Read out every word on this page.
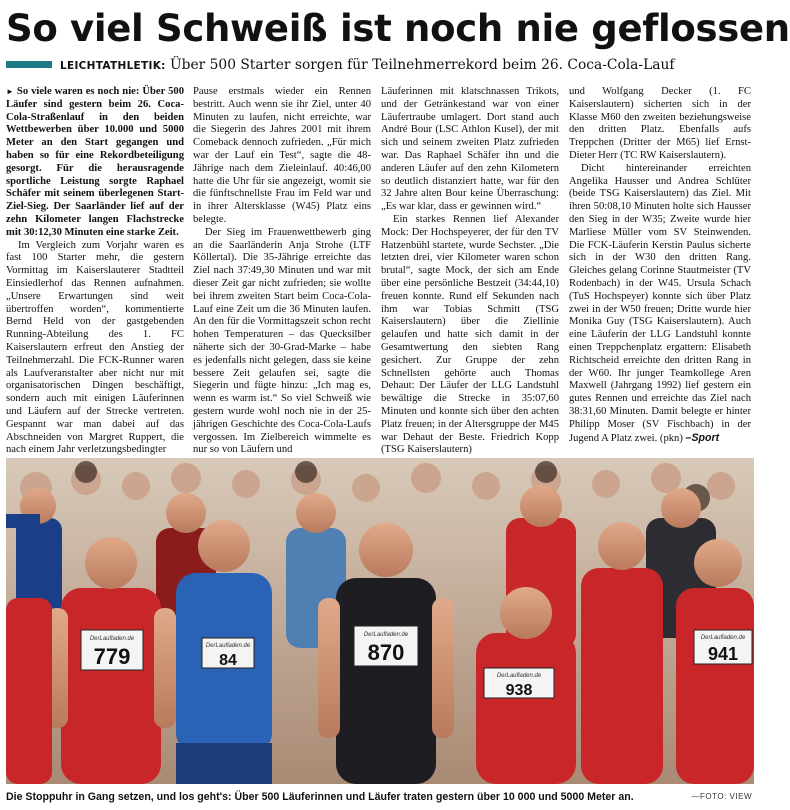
So viel Schweiß ist noch nie geflossen
LEICHTATHLETIK: Über 500 Starter sorgen für Teilnehmerrekord beim 26. Coca-Cola-Lauf

► So viele waren es noch nie: Über 500 Läufer sind gestern beim 26. Coca-Cola-Straßenlauf in den beiden Wettbewerben über 10.000 und 5000 Meter an den Start gegangen und haben so für eine Rekordbeteiligung gesorgt. Für die herausragende sportliche Leistung sorgte Raphael Schäfer mit seinem überlegenen Start-Ziel-Sieg. Der Saarländer lief auf der zehn Kilometer langen Flachstrecke mit 30:12,30 Minuten eine starke Zeit.

Im Vergleich zum Vorjahr waren es fast 100 Starter mehr, die gestern Vormittag im Kaiserslauterer Stadtteil Einsiedlerhof das Rennen aufnahmen. „Unsere Erwartungen sind weit übertroffen worden“, kommentierte Bernd Held von der gastgebenden Running-Abteilung des 1. FC Kaiserslautern erfreut den Anstieg der Teilnehmerzahl. Die FCK-Runner waren als Laufveranstalter aber nicht nur mit organisatorischen Dingen beschäftigt, sondern auch mit einigen Läuferinnen und Läufern auf der Strecke vertreten. Gespannt war man dabei auf das Abschneiden von Margret Ruppert, die nach einem Jahr verletzungsbedingter

Pause erstmals wieder ein Rennen bestritt. Auch wenn sie ihr Ziel, unter 40 Minuten zu laufen, nicht erreichte, war die Siegerin des Jahres 2001 mit ihrem Comeback dennoch zufrieden. „Für mich war der Lauf ein Test“, sagte die 48-Jährige nach dem Zieleinlauf. 40:46,00 hatte die Uhr für sie angezeigt, womit sie die fünftschnellste Frau im Feld war und in ihrer Altersklasse (W45) Platz eins belegte.

Der Sieg im Frauenwettbewerb ging an die Saarländerin Anja Strohe (LTF Köllertal). Die 35-Jährige erreichte das Ziel nach 37:49,30 Minuten und war mit dieser Zeit gar nicht zufrieden; sie wollte bei ihrem zweiten Start beim Coca-Cola-Lauf eine Zeit um die 36 Minuten laufen. An den für die Vormittagszeit schon recht hohen Temperaturen – das Quecksilber näherte sich der 30-Grad-Marke – habe es jedenfalls nicht gelegen, dass sie keine bessere Zeit gelaufen sei, sagte die Siegerin und fügte hinzu: „Ich mag es, wenn es warm ist.“ So viel Schweiß wie gestern wurde wohl noch nie in der 25-jährigen Geschichte des Coca-Cola-Laufs vergossen. Im Zielbereich wimmelte es nur so von Läufern und

Läuferinnen mit klatschnassen Trikots, und der Getränkestand war von einer Läufertraube umlagert. Dort stand auch André Bour (LSC Athlon Kusel), der mit sich und seinem zweiten Platz zufrieden war. Das Raphael Schäfer ihn und die anderen Läufer auf den zehn Kilometern so deutlich distanziert hatte, war für den 32 Jahre alten Bour keine Überraschung: „Es war klar, dass er gewinnen wird.“

Ein starkes Rennen lief Alexander Mock: Der Hochspeyerer, der für den TV Hatzenbühl startete, wurde Sechster. „Die letzten drei, vier Kilometer waren schon brutal“, sagte Mock, der sich am Ende über eine persönliche Bestzeit (34:44,10) freuen konnte. Rund elf Sekunden nach ihm war Tobias Schmitt (TSG Kaiserslautern) über die Ziellinie gelaufen und hatte sich damit in der Gesamtwertung den siebten Rang gesichert. Zur Gruppe der zehn Schnellsten gehörte auch Thomas Dehaut: Der Läufer der LLG Landstuhl bewältige die Strecke in 35:07,60 Minuten und konnte sich über den achten Platz freuen; in der Altersgruppe der M45 war Dehaut der Beste. Friedrich Kopp (TSG Kaiserslautern)

und Wolfgang Decker (1. FC Kaiserslautern) sicherten sich in der Klasse M60 den zweiten beziehungsweise den dritten Platz. Ebenfalls aufs Treppchen (Dritter der M65) lief Ernst-Dieter Herr (TC RW Kaiserslautern).

Dicht hintereinander erreichten Angelika Hausser und Andrea Schlüter (beide TSG Kaiserslautern) das Ziel. Mit ihren 50:08,10 Minuten holte sich Hausser den Sieg in der W35; Zweite wurde hier Marliese Müller vom SV Steinwenden. Die FCK-Läuferin Kerstin Paulus sicherte sich in der W30 den dritten Rang. Gleiches gelang Corinne Stautmeister (TV Rodenbach) in der W45. Ursula Schach (TuS Hochspeyer) konnte sich über Platz zwei in der W50 freuen; Dritte wurde hier Monika Guy (TSG Kaiserslautern). Auch eine Läuferin der LLG Landstuhl konnte einen Treppchenplatz ergattern: Elisabeth Richtscheid erreichte den dritten Rang in der W60. Ihr junger Teamkollege Aren Maxwell (Jahrgang 1992) lief gestern ein gutes Rennen und erreichte das Ziel nach 38:31,60 Minuten. Damit belegte er hinter Philipp Moser (SV Fischbach) in der Jugend A Platz zwei. (pkn) –Sport

DerLaufladen.de
779	DerLaufladen.de
84
DerLaufladen.de
870
DerLaufladen.de
938
DerLaufladen.de
941
Die Stoppuhr in Gang setzen, und los geht's: Über 500 Läuferinnen und Läufer traten gestern über 10 000 und 5000 Meter an.	—FOTO: VIEW
